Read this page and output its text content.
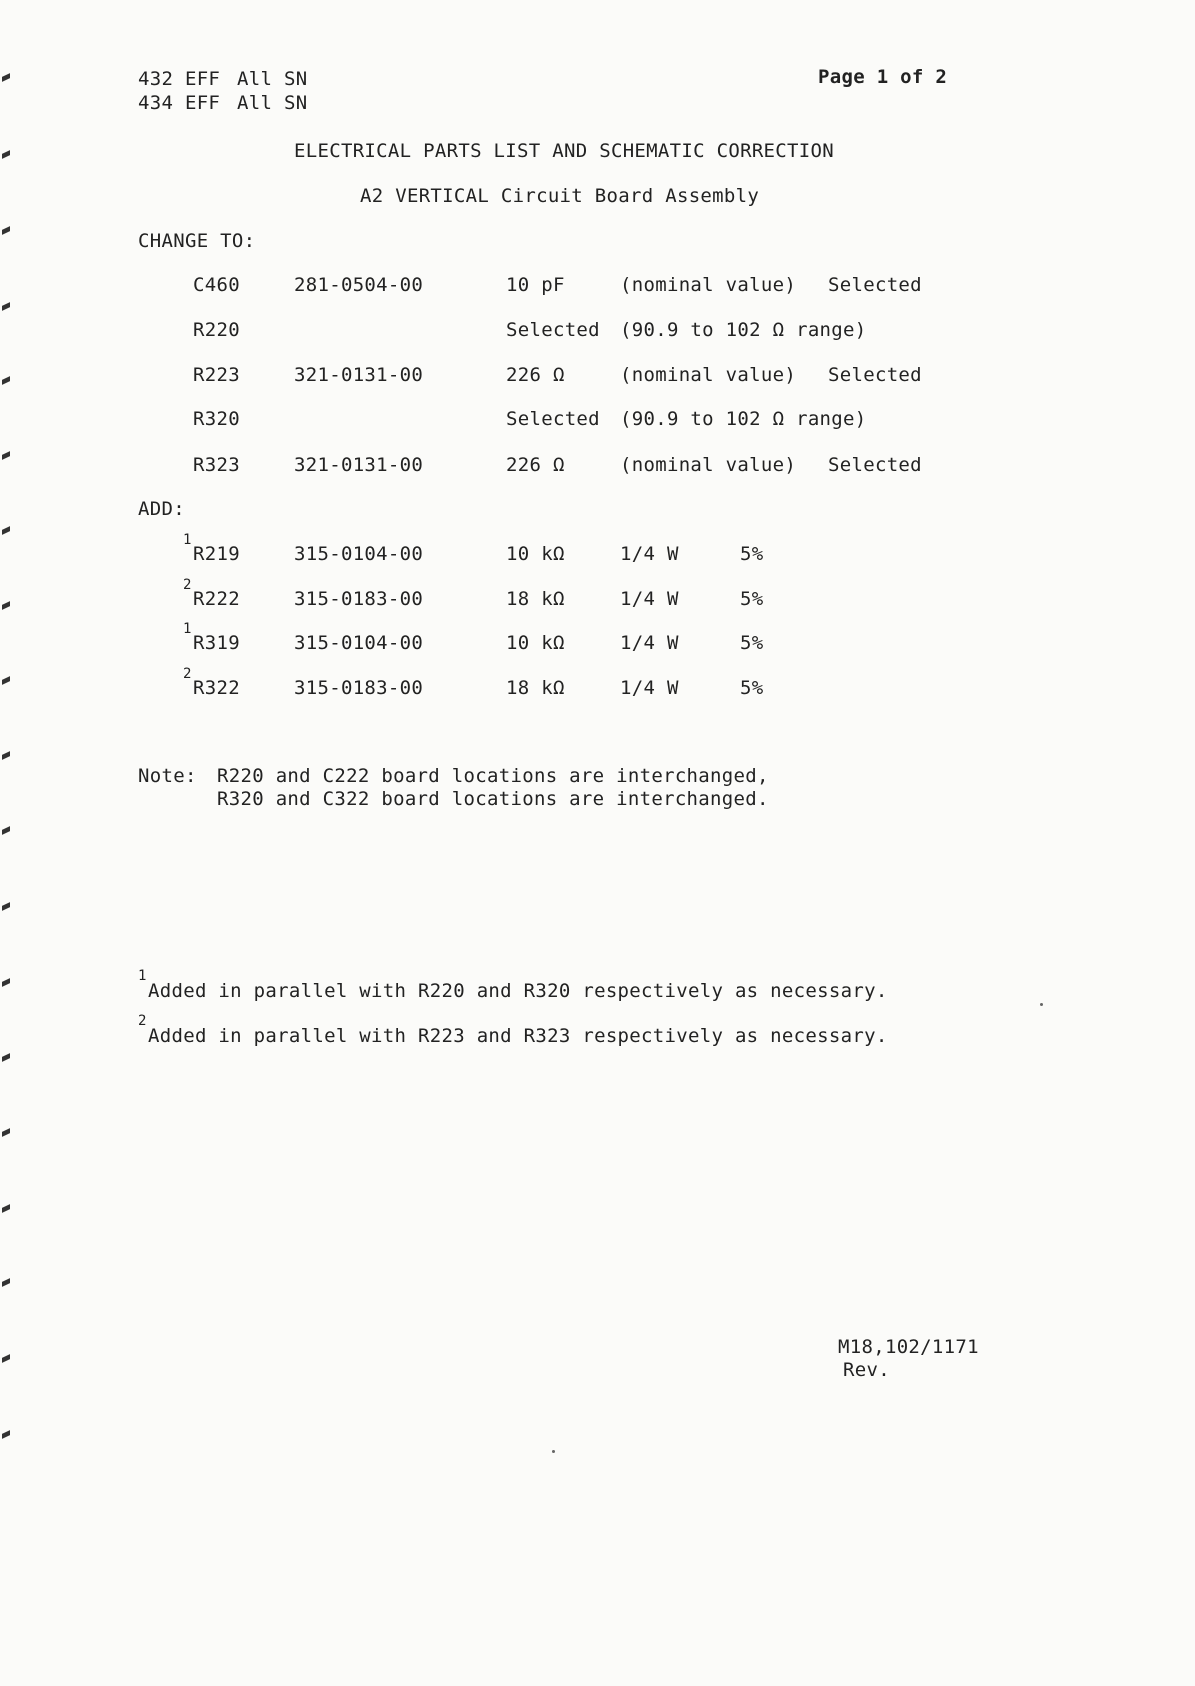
432 EFF All SN
434 EFF All SN
Page 1 of 2
ELECTRICAL PARTS LIST AND SCHEMATIC CORRECTION
A2 VERTICAL Circuit Board Assembly
CHANGE TO:
C460	281-0504-00	10 pF	(nominal value) Selected
R220	Selected (90.9 to 102 Ω range)
R223	321-0131-00	226 Ω	(nominal value) Selected
R320	Selected (90.9 to 102 Ω range)
R323	321-0131-00	226 Ω	(nominal value) Selected
ADD:
1
R219	315-0104-00	10 kΩ	1/4 W	5%
2
R222	315-0183-00	18 kΩ	1/4 W	5%
1
R319	315-0104-00	10 kΩ	1/4 W	5%
2
R322	315-0183-00	18 kΩ	1/4 W	5%
Note: R220 and C222 board locations are interchanged,
R320 and C322 board locations are interchanged.
1
Added in parallel with R220 and R320 respectively as necessary.
2
Added in parallel with R223 and R323 respectively as necessary.
M18,102/1171
Rev.
